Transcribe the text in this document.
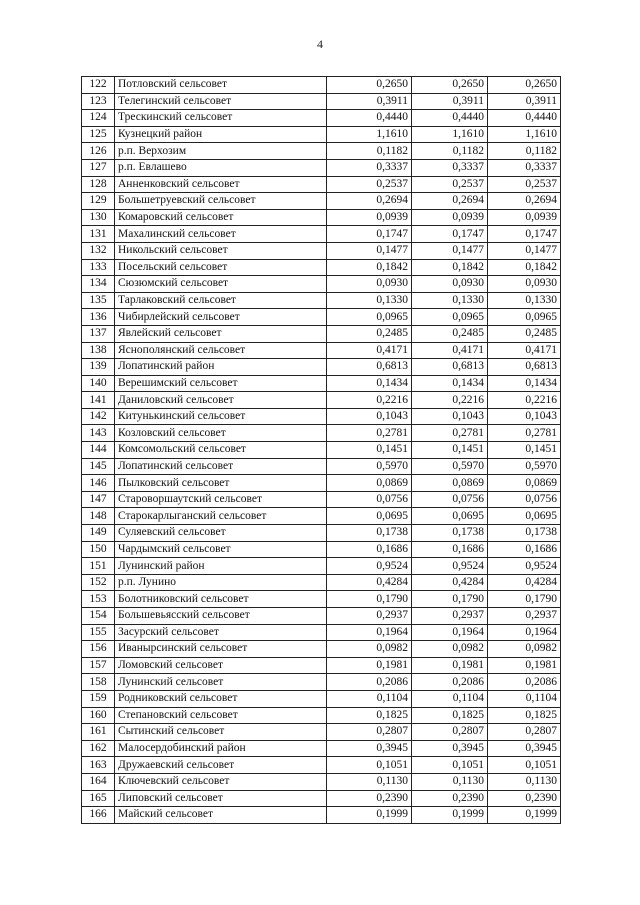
4
122	Потловский сельсовет	0,2650	0,2650	0,2650
123	Телегинский сельсовет	0,3911	0,3911	0,3911
124	Трескинский сельсовет	0,4440	0,4440	0,4440
125	Кузнецкий район	1,1610	1,1610	1,1610
126	р.п. Верхозим	0,1182	0,1182	0,1182
127	р.п. Евлашево	0,3337	0,3337	0,3337
128	Анненковский сельсовет	0,2537	0,2537	0,2537
129	Большетруевский сельсовет	0,2694	0,2694	0,2694
130	Комаровский сельсовет	0,0939	0,0939	0,0939
131	Махалинский сельсовет	0,1747	0,1747	0,1747
132	Никольский сельсовет	0,1477	0,1477	0,1477
133	Посельский сельсовет	0,1842	0,1842	0,1842
134	Сюзюмский сельсовет	0,0930	0,0930	0,0930
135	Тарлаковский сельсовет	0,1330	0,1330	0,1330
136	Чибирлейский сельсовет	0,0965	0,0965	0,0965
137	Явлейский сельсовет	0,2485	0,2485	0,2485
138	Яснополянский сельсовет	0,4171	0,4171	0,4171
139	Лопатинский район	0,6813	0,6813	0,6813
140	Верешимский сельсовет	0,1434	0,1434	0,1434
141	Даниловский сельсовет	0,2216	0,2216	0,2216
142	Китунькинский сельсовет	0,1043	0,1043	0,1043
143	Козловский сельсовет	0,2781	0,2781	0,2781
144	Комсомольский сельсовет	0,1451	0,1451	0,1451
145	Лопатинский сельсовет	0,5970	0,5970	0,5970
146	Пылковский сельсовет	0,0869	0,0869	0,0869
147	Староворшаутский сельсовет	0,0756	0,0756	0,0756
148	Старокарлыганский сельсовет	0,0695	0,0695	0,0695
149	Суляевский сельсовет	0,1738	0,1738	0,1738
150	Чардымский сельсовет	0,1686	0,1686	0,1686
151	Лунинский район	0,9524	0,9524	0,9524
152	р.п. Лунино	0,4284	0,4284	0,4284
153	Болотниковский сельсовет	0,1790	0,1790	0,1790
154	Большевьясский сельсовет	0,2937	0,2937	0,2937
155	Засурский сельсовет	0,1964	0,1964	0,1964
156	Иванырсинский сельсовет	0,0982	0,0982	0,0982
157	Ломовский сельсовет	0,1981	0,1981	0,1981
158	Лунинский сельсовет	0,2086	0,2086	0,2086
159	Родниковский сельсовет	0,1104	0,1104	0,1104
160	Степановский сельсовет	0,1825	0,1825	0,1825
161	Сытинский сельсовет	0,2807	0,2807	0,2807
162	Малосердобинский район	0,3945	0,3945	0,3945
163	Дружаевский сельсовет	0,1051	0,1051	0,1051
164	Ключевский сельсовет	0,1130	0,1130	0,1130
165	Липовский сельсовет	0,2390	0,2390	0,2390
166	Майский сельсовет	0,1999	0,1999	0,1999
